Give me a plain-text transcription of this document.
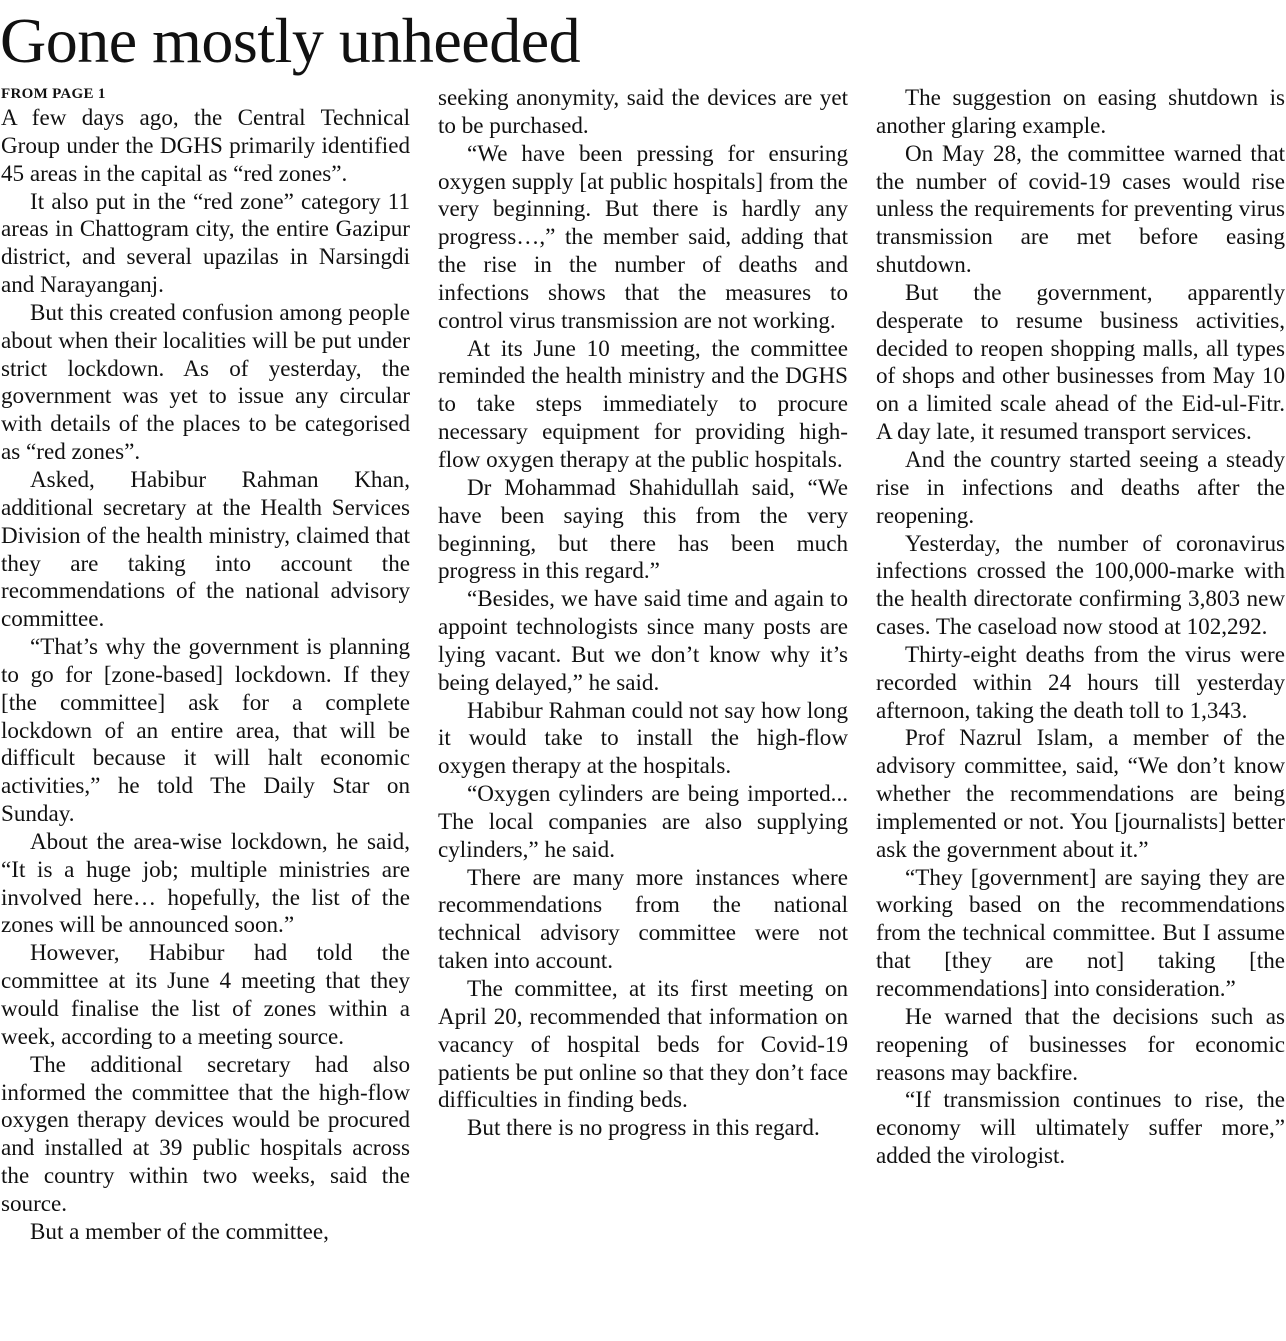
Gone mostly unheeded
FROM PAGE 1

A few days ago, the Central Technical Group under the DGHS primarily identified 45 areas in the capital as “red zones”.

It also put in the “red zone” category 11 areas in Chattogram city, the entire Gazipur district, and several upazilas in Narsingdi and Narayanganj.

But this created confusion among people about when their localities will be put under strict lockdown. As of yesterday, the government was yet to issue any circular with details of the places to be categorised as “red zones”.

Asked, Habibur Rahman Khan, additional secretary at the Health Services Division of the health ministry, claimed that they are taking into account the recommendations of the national advisory committee.

“That’s why the government is planning to go for [zone-based] lockdown. If they [the committee] ask for a complete lockdown of an entire area, that will be difficult because it will halt economic activities,” he told The Daily Star on Sunday.

About the area-wise lockdown, he said, “It is a huge job; multiple ministries are involved here… hopefully, the list of the zones will be announced soon.”

However, Habibur had told the committee at its June 4 meeting that they would finalise the list of zones within a week, according to a meeting source.

The additional secretary had also informed the committee that the high-flow oxygen therapy devices would be procured and installed at 39 public hospitals across the country within two weeks, said the source.

But a member of the committee,

seeking anonymity, said the devices are yet to be purchased.

“We have been pressing for ensuring oxygen supply [at public hospitals] from the very beginning. But there is hardly any progress…,” the member said, adding that the rise in the number of deaths and infections shows that the measures to control virus transmission are not working.

At its June 10 meeting, the committee reminded the health ministry and the DGHS to take steps immediately to procure necessary equipment for providing high-flow oxygen therapy at the public hospitals.

Dr Mohammad Shahidullah said, “We have been saying this from the very beginning, but there has been much progress in this regard.”

“Besides, we have said time and again to appoint technologists since many posts are lying vacant. But we don’t know why it’s being delayed,” he said.

Habibur Rahman could not say how long it would take to install the high-flow oxygen therapy at the hospitals.

“Oxygen cylinders are being imported... The local companies are also supplying cylinders,” he said.

There are many more instances where recommendations from the national technical advisory committee were not taken into account.

The committee, at its first meeting on April 20, recommended that information on vacancy of hospital beds for Covid-19 patients be put online so that they don’t face difficulties in finding beds.

But there is no progress in this regard.

The suggestion on easing shutdown is another glaring example.

On May 28, the committee warned that the number of covid-19 cases would rise unless the requirements for preventing virus transmission are met before easing shutdown.

But the government, apparently desperate to resume business activities, decided to reopen shopping malls, all types of shops and other businesses from May 10 on a limited scale ahead of the Eid-ul-Fitr. A day late, it resumed transport services.

And the country started seeing a steady rise in infections and deaths after the reopening.

Yesterday, the number of coronavirus infections crossed the 100,000-marke with the health directorate confirming 3,803 new cases. The caseload now stood at 102,292.

Thirty-eight deaths from the virus were recorded within 24 hours till yesterday afternoon, taking the death toll to 1,343.

Prof Nazrul Islam, a member of the advisory committee, said, “We don’t know whether the recommendations are being implemented or not. You [journalists] better ask the government about it.”

“They [government] are saying they are working based on the recommendations from the technical committee. But I assume that [they are not] taking [the recommendations] into consideration.”

He warned that the decisions such as reopening of businesses for economic reasons may backfire.

“If transmission continues to rise, the economy will ultimately suffer more,” added the virologist.
